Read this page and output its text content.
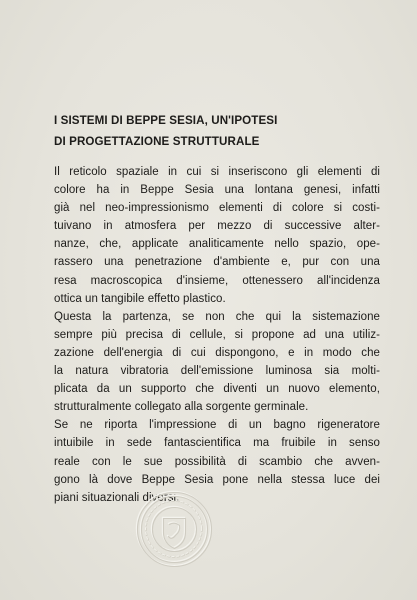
I SISTEMI DI BEPPE SESIA, UN'IPOTESI
DI PROGETTAZIONE STRUTTURALE
Il reticolo spaziale in cui si inseriscono gli elementi di
colore ha in Beppe Sesia una lontana genesi, infatti
già nel neo-impressionismo elementi di colore si costi-
tuivano in atmosfera per mezzo di successive alter-
nanze, che, applicate analiticamente nello spazio, ope-
rassero una penetrazione d'ambiente e, pur con una
resa macroscopica d'insieme, ottenessero all'incidenza
ottica un tangibile effetto plastico.
Questa la partenza, se non che qui la sistemazione
sempre più precisa di cellule, si propone ad una utiliz-
zazione dell'energia di cui dispongono, e in modo che
la natura vibratoria dell'emissione luminosa sia molti-
plicata da un supporto che diventi un nuovo elemento,
strutturalmente collegato alla sorgente germinale.
Se ne riporta l'impressione di un bagno rigeneratore
intuibile in sede fantascientifica ma fruibile in senso
reale con le sue possibilità di scambio che avven-
gono là dove Beppe Sesia pone nella stessa luce dei
piani situazionali diversi.
